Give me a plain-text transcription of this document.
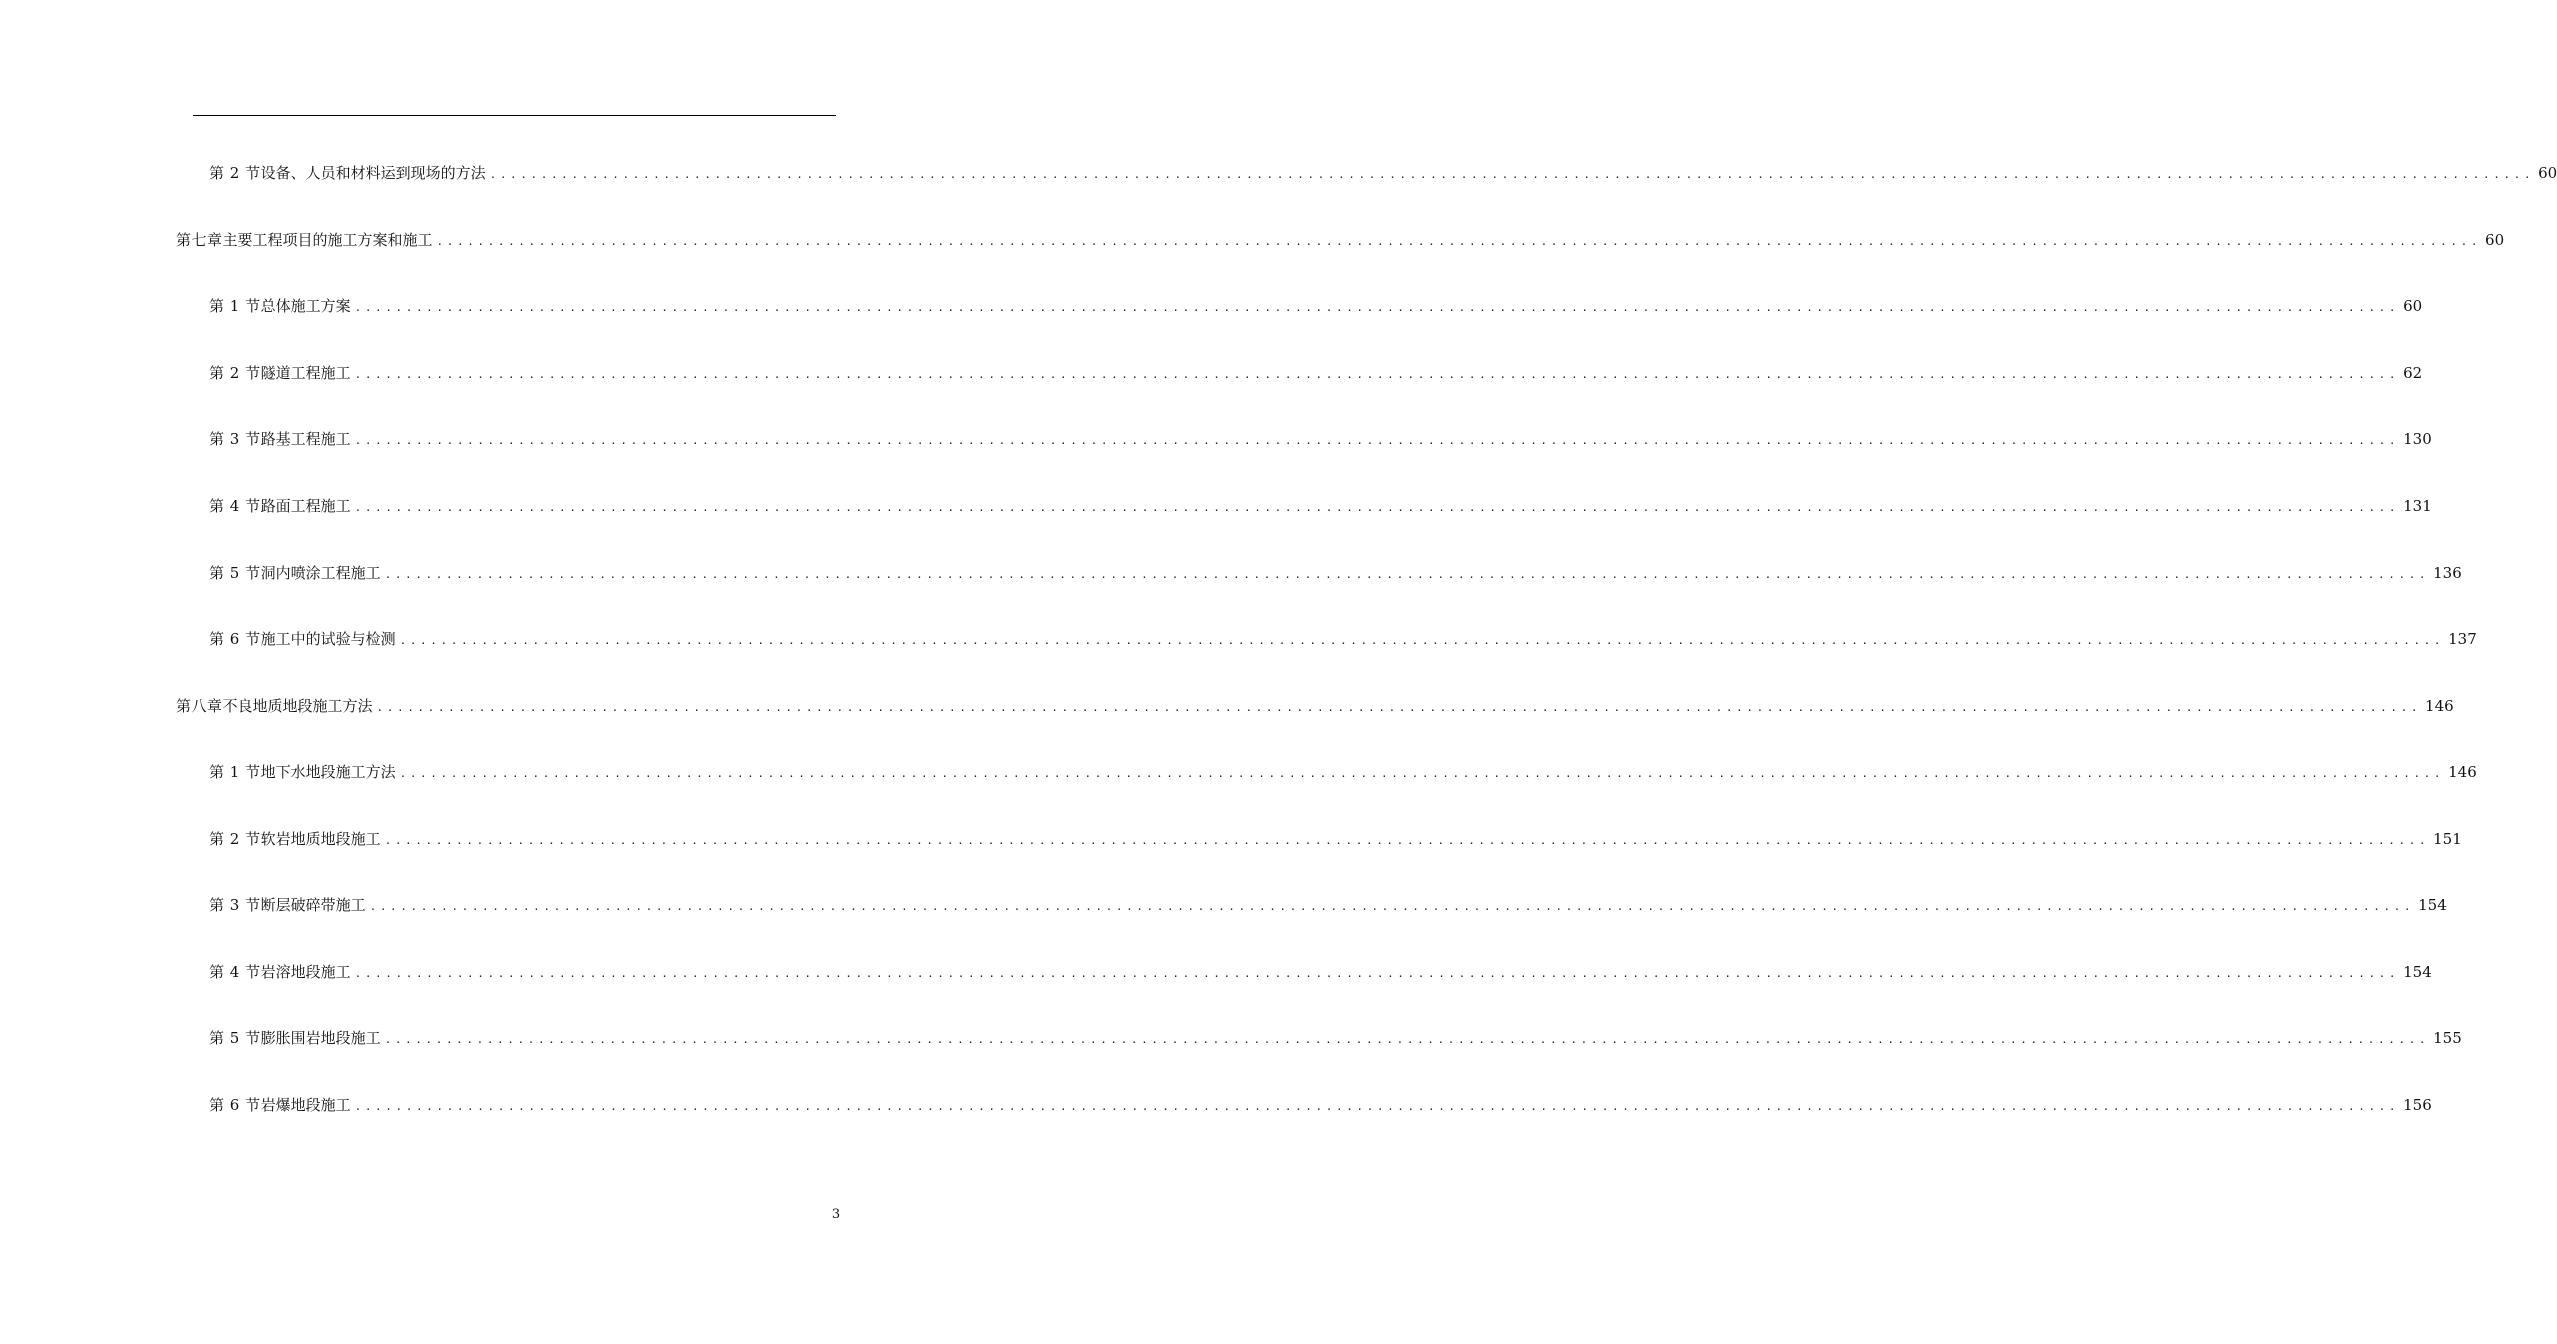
第 2 节 设备、人员和材料运到现场的方法 ........................................................................................................................................................................................................ 60
第七章 主要工程项目的施工方案和施工 ........................................................................................................................................................................................................ 60
第 1 节 总体施工方案 ........................................................................................................................................................................................................ 60
第 2 节 隧道工程施工 ........................................................................................................................................................................................................ 62
第 3 节 路基工程施工 ........................................................................................................................................................................................................ 130
第 4 节 路面工程施工 ........................................................................................................................................................................................................ 131
第 5 节 洞内喷涂工程施工 ........................................................................................................................................................................................................ 136
第 6 节 施工中的试验与检测 ........................................................................................................................................................................................................ 137
第八章 不良地质地段施工方法 ........................................................................................................................................................................................................ 146
第 1 节 地下水地段施工方法 ........................................................................................................................................................................................................ 146
第 2 节 软岩地质地段施工 ........................................................................................................................................................................................................ 151
第 3 节 断层破碎带施工 ........................................................................................................................................................................................................ 154
第 4 节 岩溶地段施工 ........................................................................................................................................................................................................ 154
第 5 节 膨胀围岩地段施工 ........................................................................................................................................................................................................ 155
第 6 节 岩爆地段施工 ........................................................................................................................................................................................................ 156
3
